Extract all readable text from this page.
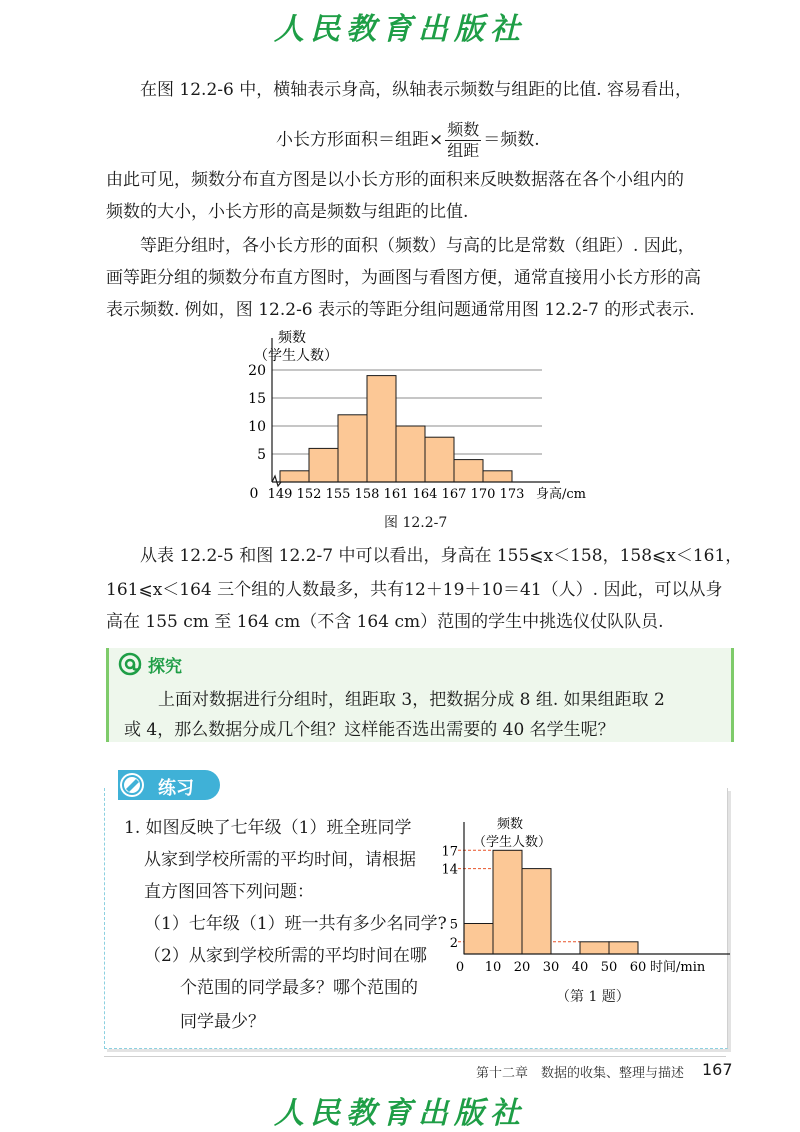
人民教育出版社
在图 12.2-6 中，横轴表示身高，纵轴表示频数与组距的比值. 容易看出，
小长方形面积＝组距× $\frac{\text{频数}}{\text{组距}}$ ＝频数.
由此可见，频数分布直方图是以小长方形的面积来反映数据落在各个小组内的
频数的大小，小长方形的高是频数与组距的比值.
等距分组时，各小长方形的面积（频数）与高的比是常数（组距）. 因此，
画等距分组的频数分布直方图时，为画图与看图方便，通常直接用小长方形的高
表示频数. 例如，图 12.2-6 表示的等距分组问题通常用图 12.2-7 的形式表示.
5
10
15
20
149 152 155 158 161 164 167 170 173
0	身高/cm
频数
（学生人数）
图 12.2-7
从表 12.2-5 和图 12.2-7 中可以看出，身高在 155⩽x＜158，158⩽x＜161，
161⩽x＜164 三个组的人数最多，共有12＋19＋10＝41（人）. 因此，可以从身
高在 155 cm 至 164 cm（不含 164 cm）范围的学生中挑选仪仗队队员.
探究
上面对数据进行分组时，组距取 3，把数据分成 8 组. 如果组距取 2
或 4，那么数据分成几个组？这样能否选出需要的 40 名学生呢？
练习
1. 如图反映了七年级（1）班全班同学
从家到学校所需的平均时间，请根据
直方图回答下列问题：
（1）七年级（1）班一共有多少名同学?
（2）从家到学校所需的平均时间在哪
个范围的同学最多？哪个范围的
同学最少？
2
5
14
17
0 10 20 30 40 50 60 时间/min
频数
（学生人数）
（第 1 题）
第十二章　数据的收集、整理与描述 167
人民教育出版社
